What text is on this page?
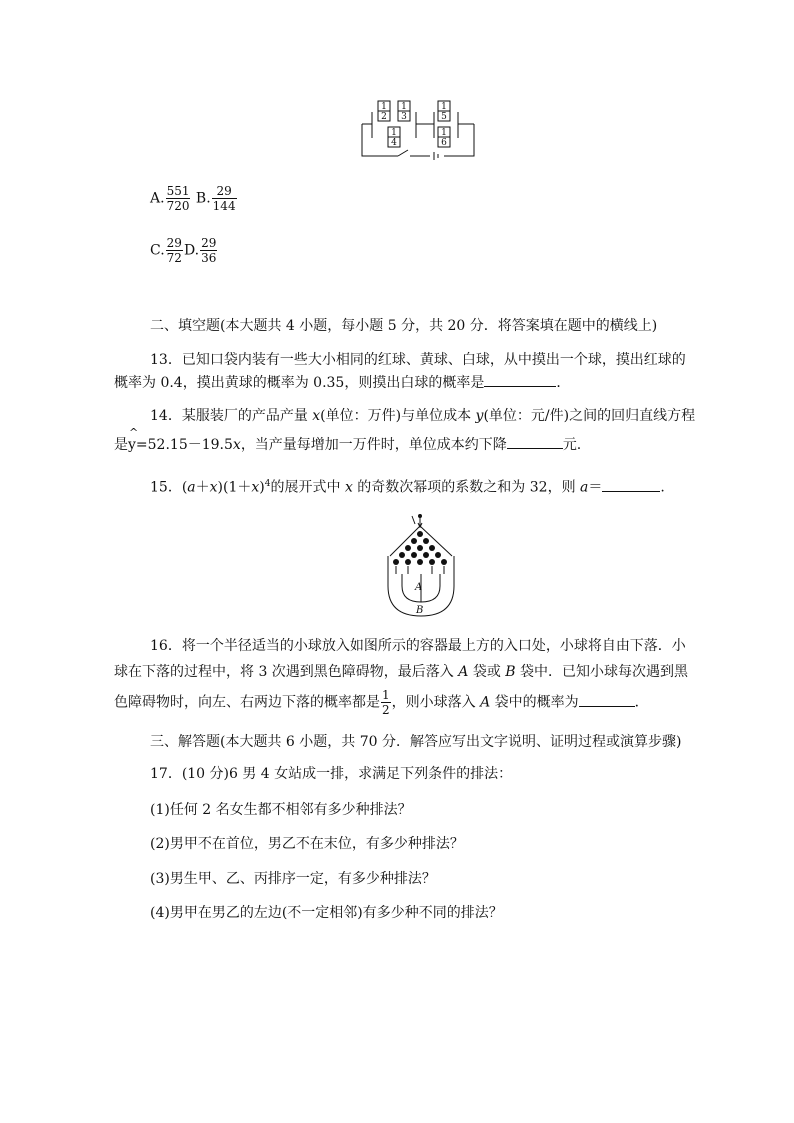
1
2
1
3
1
4
1
5
1
6
A. $\frac{551}{720} B$. $\frac{29}{144}$
C. $\frac{29}{72} D$. $\frac{29}{36}$
二、填空题(本大题共 4 小题，每小题 5 分，共 20 分．将答案填在题中的横线上)
13．已知口袋内装有一些大小相同的红球、黄球、白球，从中摸出一个球，摸出红球的
概率为 0.4，摸出黄球的概率为 0.35，则摸出白球的概率是	．
14．某服装厂的产品产量 x(单位：万件)与单位成本 y(单位：元/件)之间的回归直线方程
是
^
y=52.15－19.5x，当产量每增加一万件时，单位成本约下降	元.
15．$(a+x)(1+x)^4$的展开式中 x 的奇数次幂项的系数之和为 32，则 a＝	.
A
B
16．将一个半径适当的小球放入如图所示的容器最上方的入口处，小球将自由下落．小
球在下落的过程中，将 3 次遇到黑色障碍物，最后落入 A 袋或 B 袋中．已知小球每次遇到黑
色障碍物时，向左、右两边下落的概率都是 $\frac{1}{2}$ ，则小球落入 A 袋中的概率为	．
三、解答题(本大题共 6 小题，共 70 分．解答应写出文字说明、证明过程或演算步骤)
17．(10 分)6 男 4 女站成一排，求满足下列条件的排法：
(1)任何 2 名女生都不相邻有多少种排法？
(2)男甲不在首位，男乙不在末位，有多少种排法？
(3)男生甲、乙、丙排序一定，有多少种排法？
(4)男甲在男乙的左边(不一定相邻)有多少种不同的排法？
